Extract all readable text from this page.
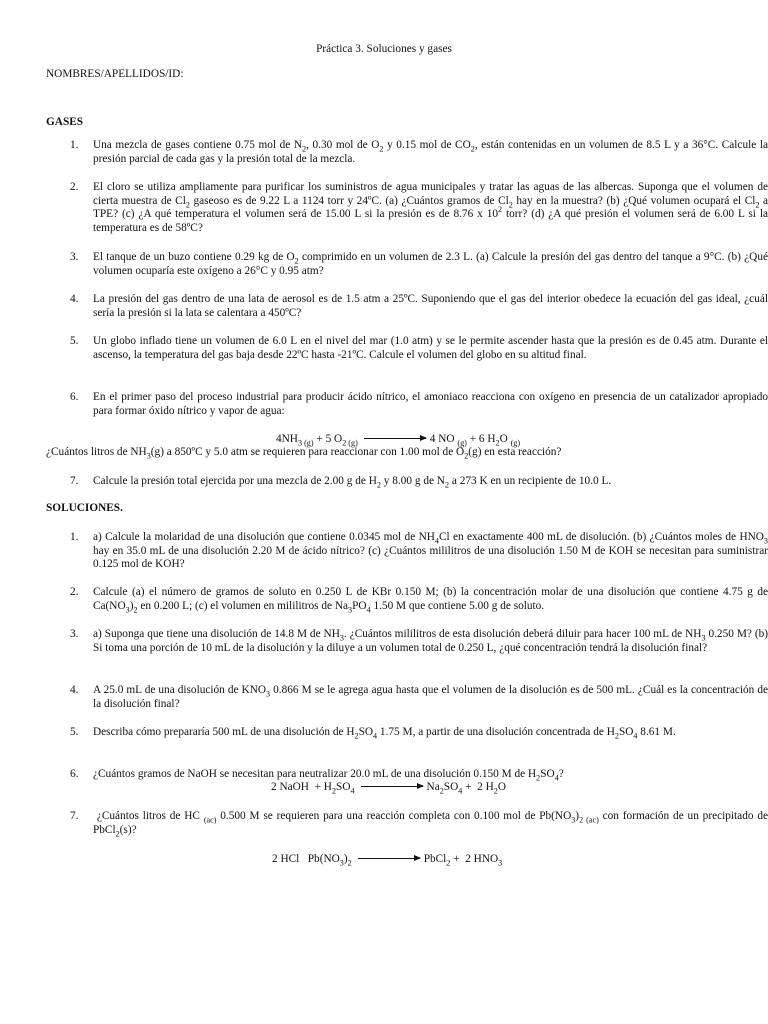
Práctica 3. Soluciones y gases
NOMBRES/APELLIDOS/ID:
GASES
1.	Una mezcla de gases contiene 0.75 mol de $N_2$, 0.30 mol de $O_2$ y 0.15 mol de $CO_2$, están contenidas en un volumen de 8.5 L y a 36°C. Calcule la presión parcial de cada gas y la presión total de la mezcla.
2.	El cloro se utiliza ampliamente para purificar los suministros de agua municipales y tratar las aguas de las albercas. Suponga que el volumen de cierta muestra de $Cl_2$ gaseoso es de 9.22 L a 1124 torr y 24ºC. (a) ¿Cuántos gramos de $Cl_2$ hay en la muestra? (b) ¿Qué volumen ocupará el $Cl_2$ a TPE? (c) ¿A qué temperatura el volumen será de 15.00 L si la presión es de 8.76 x $10^2$ torr? (d) ¿A qué presión el volumen será de 6.00 L si la temperatura es de 58ºC?
3.	El tanque de un buzo contiene 0.29 kg de $O_2$ comprimido en un volumen de 2.3 L. (a) Calcule la presión del gas dentro del tanque a 9°C. (b) ¿Qué volumen ocuparía este oxígeno a 26°C y 0.95 atm?
4.	La presión del gas dentro de una lata de aerosol es de 1.5 atm a 25ºC. Suponiendo que el gas del interior obedece la ecuación del gas ideal, ¿cuál sería la presión si la lata se calentara a 450ºC?
5.	Un globo inflado tiene un volumen de 6.0 L en el nivel del mar (1.0 atm) y se le permite ascender hasta que la presión es de 0.45 atm. Durante el ascenso, la temperatura del gas baja desde 22ºC hasta -21ºC. Calcule el volumen del globo en su altitud final.
6.	En el primer paso del proceso industrial para producir ácido nítrico, el amoniaco reacciona con oxígeno en presencia de un catalizador apropiado para formar óxido nítrico y vapor de agua:
$4NH_{3 (g)} + 5$ $O_{2 (g)}$	4 NO $_{(g)}$ + 6 $H_2O$ $_{(g)}$
¿Cuántos litros de $NH_3(g)$ a 850ºC y 5.0 atm se requieren para reaccionar con 1.00 mol de $O_2(g)$ en esta reacción?
7.	Calcule la presión total ejercida por una mezcla de 2.00 g de $H_2$ y 8.00 g de $N_2$ a 273 K en un recipiente de 10.0 L.
SOLUCIONES.
1.	a) Calcule la molaridad de una disolución que contiene 0.0345 mol de $NH_4Cl$ en exactamente 400 mL de disolución. (b) ¿Cuántos moles de $HNO_3$ hay en 35.0 mL de una disolución 2.20 M de ácido nítrico? (c) ¿Cuántos mililitros de una disolución 1.50 M de KOH se necesitan para suministrar 0.125 mol de KOH?
2.	Calcule (a) el número de gramos de soluto en 0.250 L de KBr 0.150 M; (b) la concentración molar de una disolución que contiene 4.75 g de $Ca(NO_3)_2$ en 0.200 L; (c) el volumen en mililitros de $Na_3PO_4$ 1.50 M que contiene 5.00 g de soluto.
3.	a) Suponga que tiene una disolución de 14.8 M de $NH_3$. ¿Cuántos mililitros de esta disolución deberá diluir para hacer 100 mL de $NH_3$ 0.250 M? (b) Si toma una porción de 10 mL de la disolución y la diluye a un volumen total de 0.250 L, ¿qué concentración tendrá la disolución final?
4.	A 25.0 mL de una disolución de $KNO_3$ 0.866 M se le agrega agua hasta que el volumen de la disolución es de 500 mL. ¿Cuál es la concentración de la disolución final?
5.	Describa cómo prepararía 500 mL de una disolución de $H_2SO_4$ 1.75 M, a partir de una disolución concentrada de $H_2SO_4$ 8.61 M.
6.	¿Cuántos gramos de NaOH se necesitan para neutralizar 20.0 mL de una disolución 0.150 M de $H_2SO_4$?
2 NaOH  + $H_2SO_4$	$Na_2SO_4 + 2$ $H_2O$
7.	¿Cuántos litros de HC $_{(ac)}$ 0.500 M se requieren para una reacción completa con 0.100 mol de $Pb(NO_3)_{2 (ac)}$ con formación de un precipitado de PbCl$_2$(s)?
2 HCl   $Pb(NO_3)_2$	PbCl$_2$ +  2 $HNO_3$
